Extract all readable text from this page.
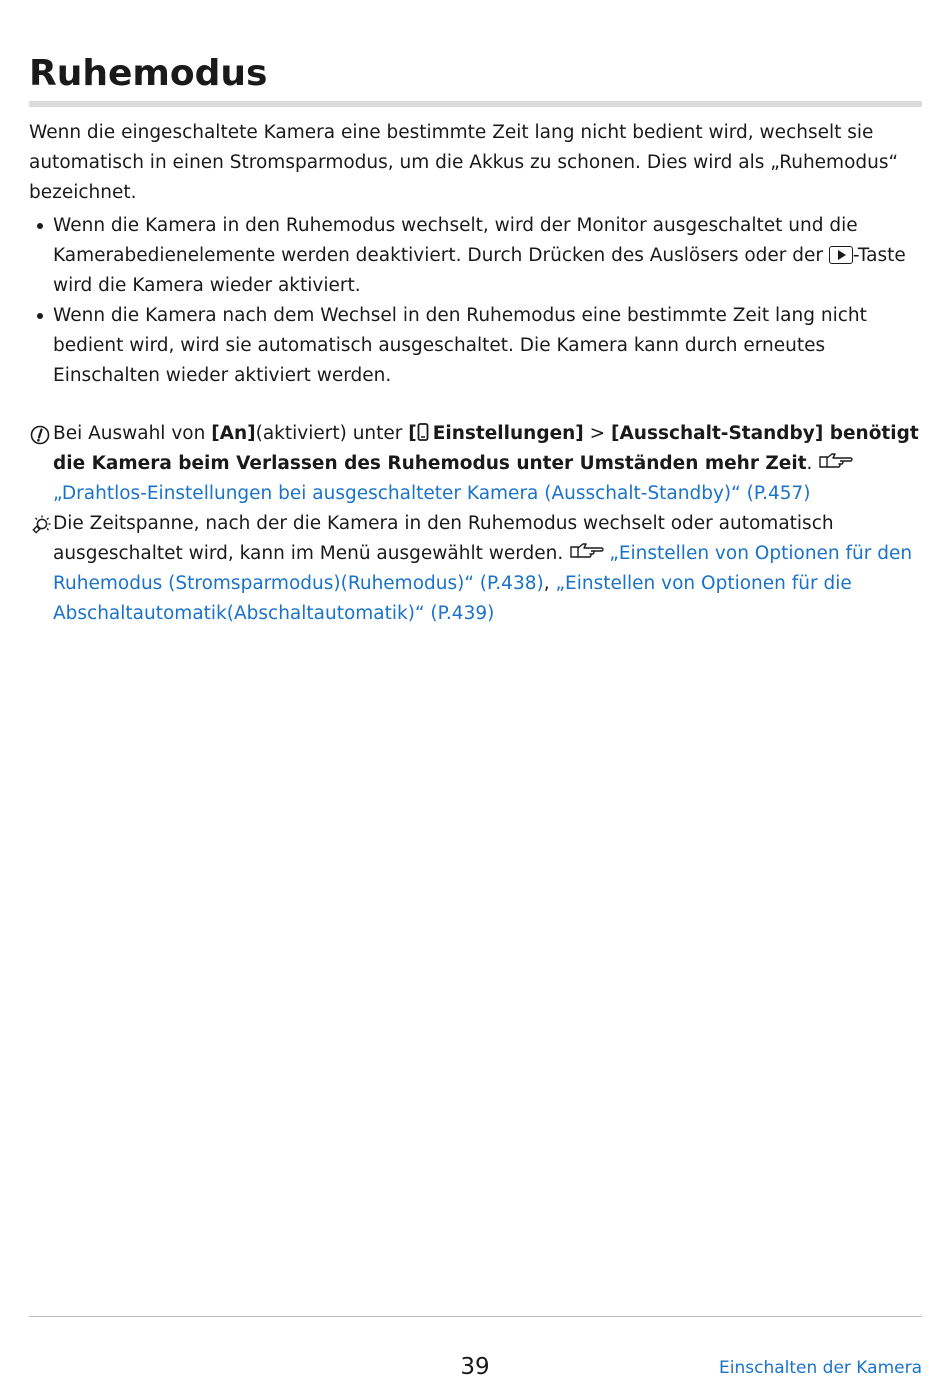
Ruhemodus

Wenn die eingeschaltete Kamera eine bestimmte Zeit lang nicht bedient wird, wechselt sie automatisch in einen Stromsparmodus, um die Akkus zu schonen. Dies wird als „Ruhemodus“ bezeichnet.

Wenn die Kamera in den Ruhemodus wechselt, wird der Monitor ausgeschaltet und die Kamerabedienelemente werden deaktiviert. Durch Drücken des Auslösers oder der -Taste wird die Kamera wieder aktiviert.
Wenn die Kamera nach dem Wechsel in den Ruhemodus eine bestimmte Zeit lang nicht bedient wird, wird sie automatisch ausgeschaltet. Die Kamera kann durch erneutes Einschalten wieder aktiviert werden.
Bei Auswahl von [An](aktiviert) unter [ Einstellungen] > [Ausschalt-Standby] benötigt die Kamera beim Verlassen des Ruhemodus unter Umständen mehr Zeit.„Drahtlos-Einstellungen bei ausgeschalteter Kamera (Ausschalt-Standby)“ (P.457)
Die Zeitspanne, nach der die Kamera in den Ruhemodus wechselt oder automatisch ausgeschaltet wird, kann im Menü ausgewählt werden. „Einstellen von Optionen für den Ruhemodus (Stromsparmodus)(Ruhemodus)“ (P.438), „Einstellen von Optionen für die Abschaltautomatik(Abschaltautomatik)“ (P.439)
39	Einschalten der Kamera
